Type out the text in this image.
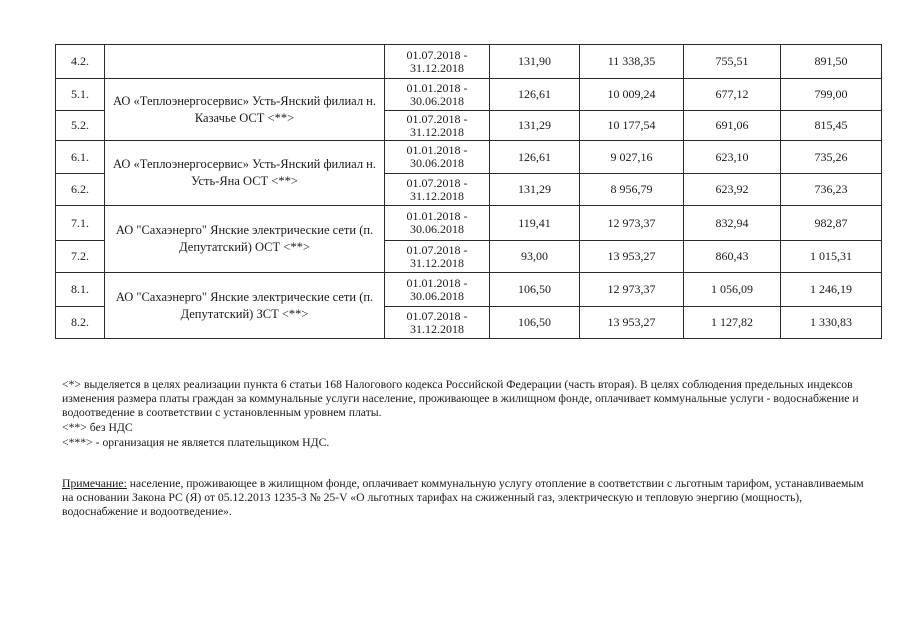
4.2.		01.07.2018 - 31.12.2018	131,90	11 338,35	755,51	891,50
5.1.	АО «Теплоэнергосервис» Усть-Янский филиал н. Казачье ОСТ <**>	01.01.2018 - 30.06.2018	126,61	10 009,24	677,12	799,00
5.2.		01.07.2018 - 31.12.2018	131,29	10 177,54	691,06	815,45
6.1.	АО «Теплоэнергосервис» Усть-Янский филиал н. Усть-Яна ОСТ <**>	01.01.2018 - 30.06.2018	126,61	9 027,16	623,10	735,26
6.2.		01.07.2018 - 31.12.2018	131,29	8 956,79	623,92	736,23
7.1.	АО "Сахаэнерго" Янские электрические сети (п. Депутатский) ОСТ <**>	01.01.2018 - 30.06.2018	119,41	12 973,37	832,94	982,87
7.2.		01.07.2018 - 31.12.2018	93,00	13 953,27	860,43	1 015,31
8.1.	АО "Сахаэнерго" Янские электрические сети (п. Депутатский) ЗСТ <**>	01.01.2018 - 30.06.2018	106,50	12 973,37	1 056,09	1 246,19
8.2.		01.07.2018 - 31.12.2018	106,50	13 953,27	1 127,82	1 330,83

<*> выделяется в целях реализации пункта 6 статьи 168 Налогового кодекса Российской Федерации (часть вторая). В целях соблюдения предельных индексов изменения размера платы граждан за коммунальные услуги население, проживающее в жилищном фонде, оплачивает коммунальные услуги - водоснабжение и водоотведение в соответствии с установленным уровнем платы.

<**> без НДС

<***> - организация не является плательщиком НДС.

Примечание: население, проживающее в жилищном фонде, оплачивает коммунальную услугу отопление в соответствии с льготным тарифом, устанавливаемым на основании Закона РС (Я) от 05.12.2013 1235-З № 25-V «О льготных тарифах на сжиженный газ, электрическую и тепловую энергию (мощность), водоснабжение и водоотведение».
